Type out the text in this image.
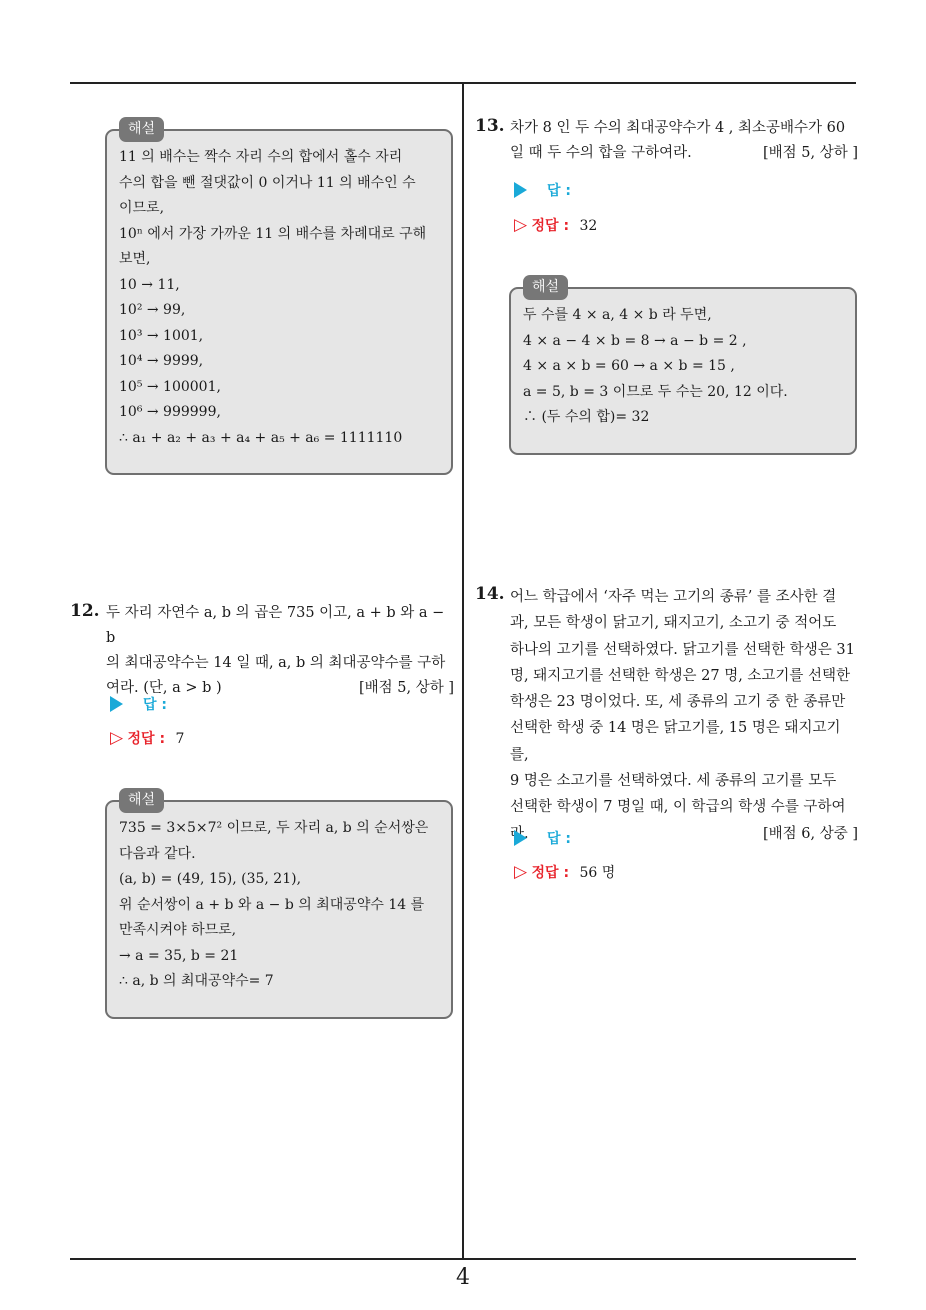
4
해설
11 의 배수는 짝수 자리 수의 합에서 홀수 자리
수의 합을 뺀 절댓값이 0 이거나 11 의 배수인 수
이므로,
10ⁿ 에서 가장 가까운 11 의 배수를 차례대로 구해
보면,
10 → 11,
10² → 99,
10³ → 1001,
10⁴ → 9999,
10⁵ → 100001,
10⁶ → 999999,
∴ a₁ + a₂ + a₃ + a₄ + a₅ + a₆ = 1111110
12. 두 자리 자연수 a, b 의 곱은 735 이고, a + b 와 a − b
의 최대공약수는 14 일 때, a, b 의 최대공약수를 구하
여라. (단, a > b )	[배점 5, 상하 ]
답 :
▷ 정답 : 7
해설
735 = 3×5×7² 이므로, 두 자리 a, b 의 순서쌍은
다음과 같다.
(a, b) = (49, 15), (35, 21),
위 순서쌍이 a + b 와 a − b 의 최대공약수 14 를
만족시켜야 하므로,
→ a = 35, b = 21
∴ a, b 의 최대공약수= 7
13. 차가 8 인 두 수의 최대공약수가 4 , 최소공배수가 60
일 때 두 수의 합을 구하여라.	[배점 5, 상하 ]
답 :
▷ 정답 : 32
해설
두 수를 4 × a, 4 × b 라 두면,
4 × a − 4 × b = 8 → a − b = 2 ,
4 × a × b = 60 → a × b = 15 ,
a = 5, b = 3 이므로 두 수는 20, 12 이다.
∴ (두 수의 합)= 32
14. 어느 학급에서 ‘자주 먹는 고기의 종류’ 를 조사한 결
과, 모든 학생이 닭고기, 돼지고기, 소고기 중 적어도
하나의 고기를 선택하였다. 닭고기를 선택한 학생은 31
명, 돼지고기를 선택한 학생은 27 명, 소고기를 선택한
학생은 23 명이었다. 또, 세 종류의 고기 중 한 종류만
선택한 학생 중 14 명은 닭고기를, 15 명은 돼지고기를,
9 명은 소고기를 선택하였다. 세 종류의 고기를 모두
선택한 학생이 7 명일 때, 이 학급의 학생 수를 구하여
라.	[배점 6, 상중 ]
답 :
▷ 정답 : 56 명
